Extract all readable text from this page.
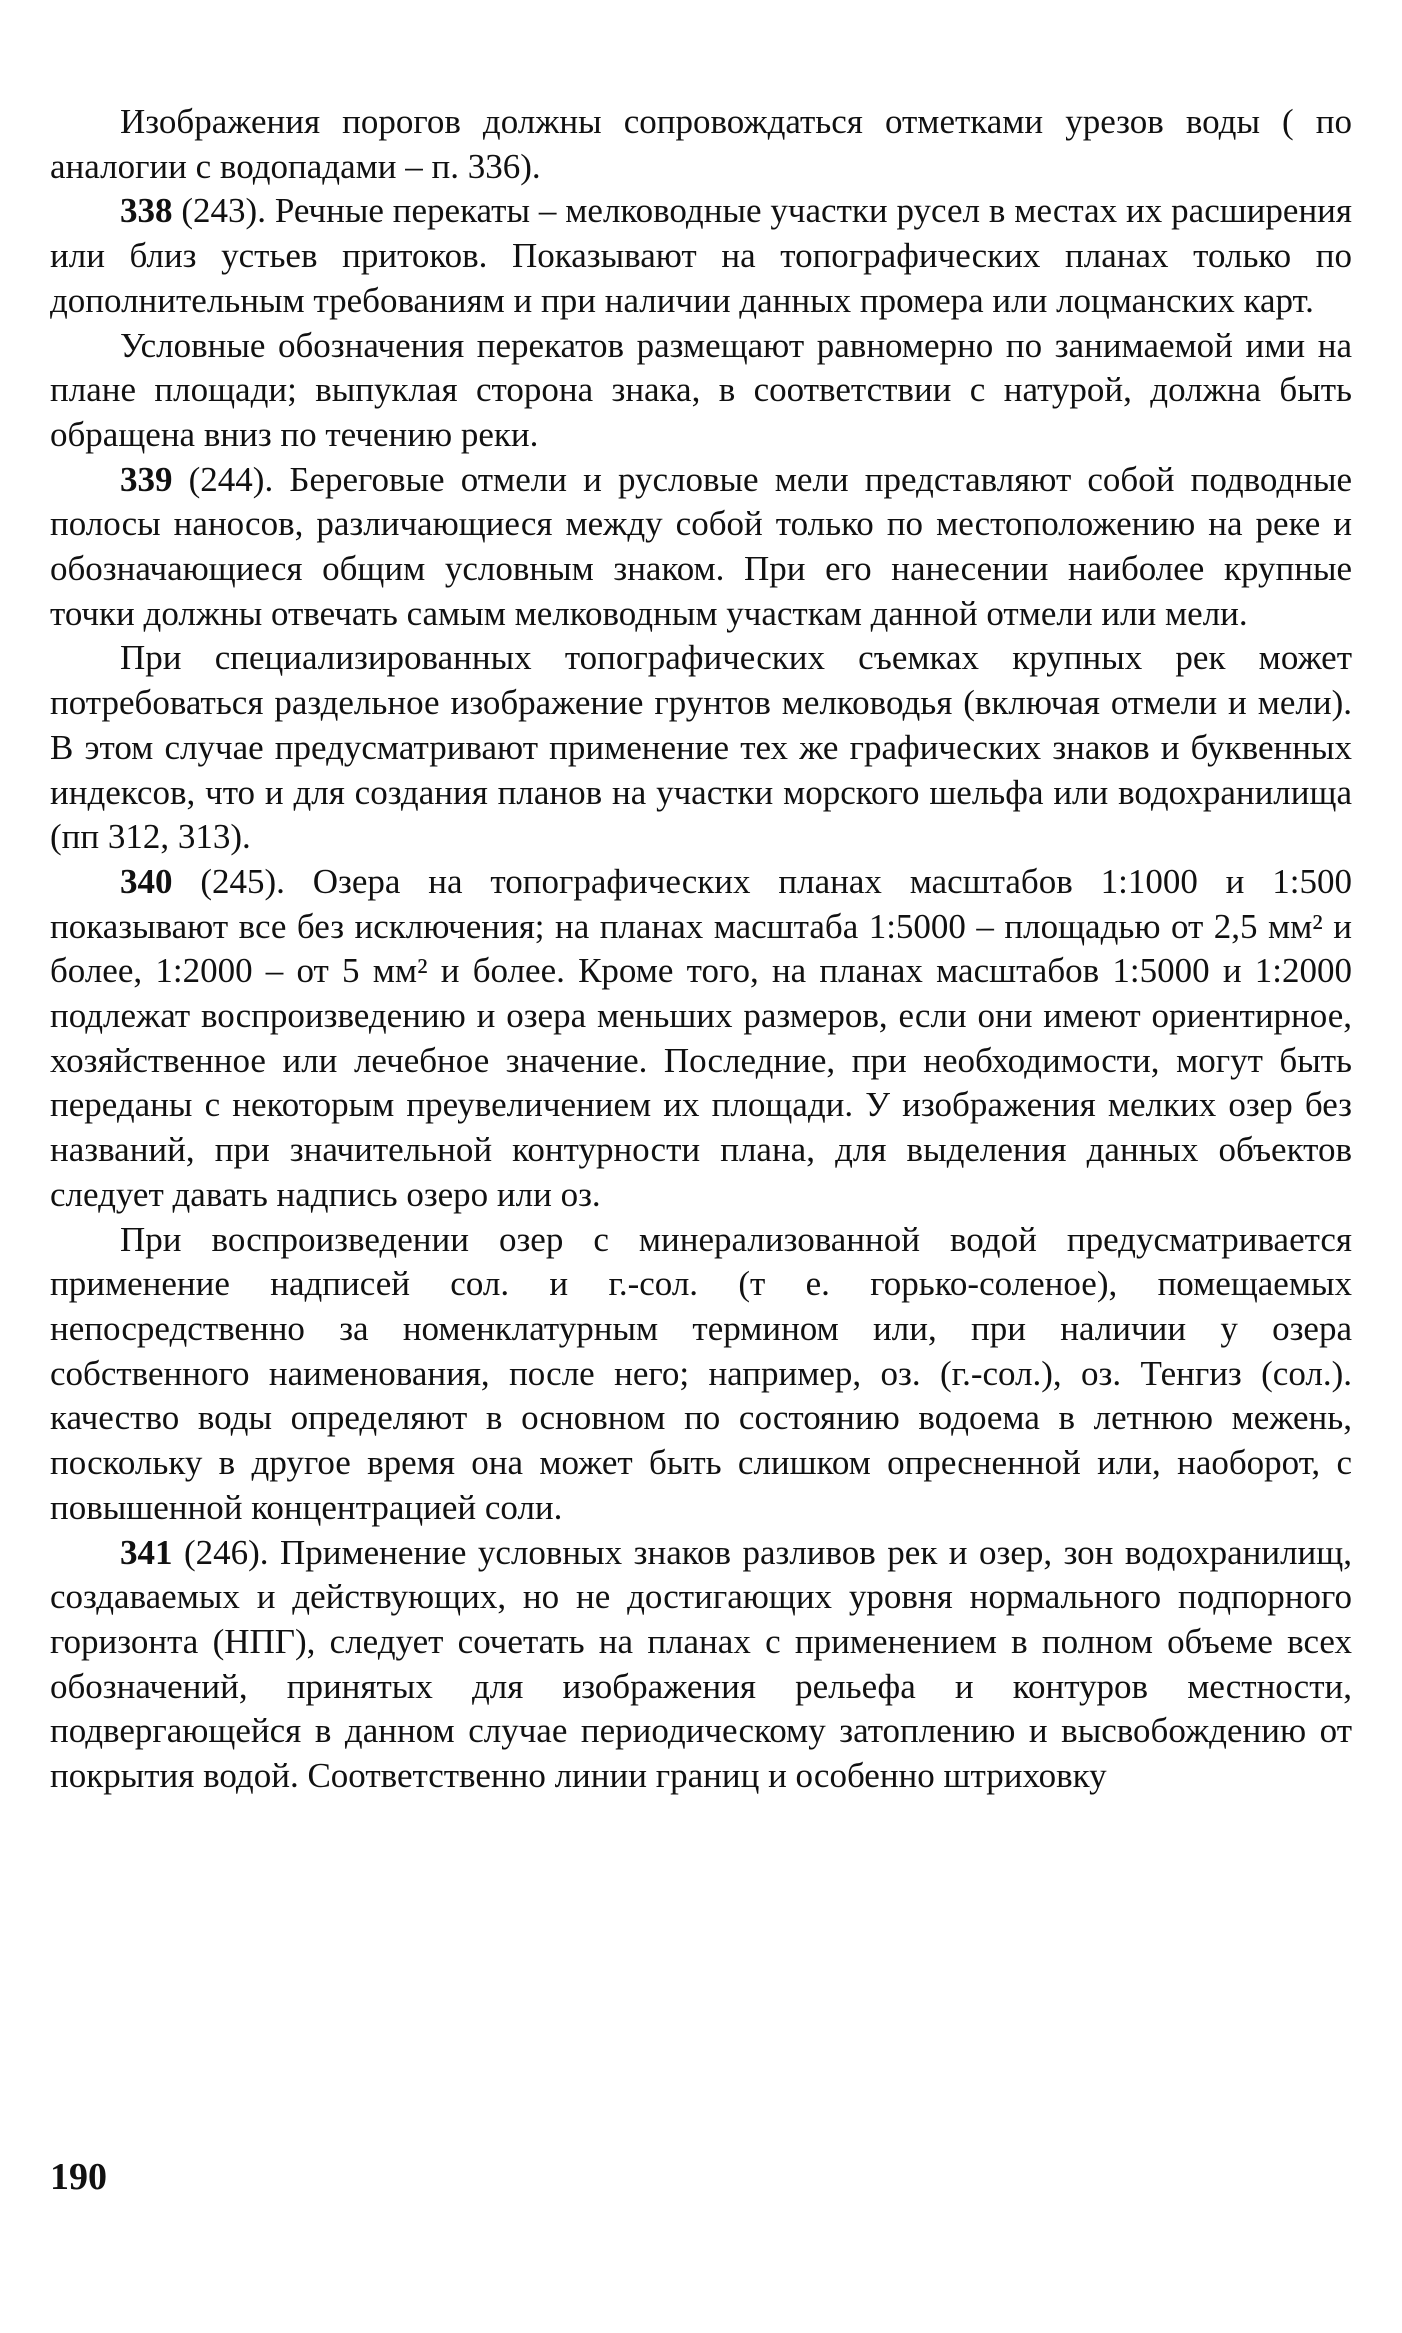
Изображения порогов должны сопровождаться отметками урезов воды ( по аналогии с водопадами – п. 336).

338 (243). Речные перекаты – мелководные участки русел в местах их расширения или близ устьев притоков. Показывают на топографических планах только по дополнительным требованиям и при наличии данных промера или лоцманских карт.

Условные обозначения перекатов размещают равномерно по занимаемой ими на плане площади; выпуклая сторона знака, в соответствии с натурой, должна быть обращена вниз по течению реки.

339 (244). Береговые отмели и русловые мели представляют собой подводные полосы наносов, различающиеся между собой только по местоположению на реке и обозначающиеся общим условным знаком. При его нанесении наиболее крупные точки должны отвечать самым мелководным участкам данной отмели или мели.

При специализированных топографических съемках крупных рек может потребоваться раздельное изображение грунтов мелководья (включая отмели и мели). В этом случае предусматривают применение тех же графических знаков и буквенных индексов, что и для создания планов на участки морского шельфа или водохранилища (пп 312, 313).

340 (245). Озера на топографических планах масштабов 1:1000 и 1:500 показывают все без исключения; на планах масштаба 1:5000 – площадью от 2,5 мм² и более, 1:2000 – от 5 мм² и более. Кроме того, на планах масштабов 1:5000 и 1:2000 подлежат воспроизведению и озера меньших размеров, если они имеют ориентирное, хозяйственное или лечебное значение. Последние, при необходимости, могут быть переданы с некоторым преувеличением их площади. У изображения мелких озер без названий, при значительной контурности плана, для выделения данных объектов следует давать надпись озеро или оз.

При воспроизведении озер с минерализованной водой предусматривается применение надписей сол. и г.-сол. (т е. горько-соленое), помещаемых непосредственно за номенклатурным термином или, при наличии у озера собственного наименования, после него; например, оз. (г.-сол.), оз. Тенгиз (сол.). качество воды определяют в основном по состоянию водоема в летнюю межень, поскольку в другое время она может быть слишком опресненной или, наоборот, с повышенной концентрацией соли.

341 (246). Применение условных знаков разливов рек и озер, зон водохранилищ, создаваемых и действующих, но не достигающих уровня нормального подпорного горизонта (НПГ), следует сочетать на планах с применением в полном объеме всех обозначений, принятых для изображения рельефа и контуров местности, подвергающейся в данном случае периодическому затоплению и высвобождению от покрытия водой. Соответственно линии границ и особенно штриховку

190
